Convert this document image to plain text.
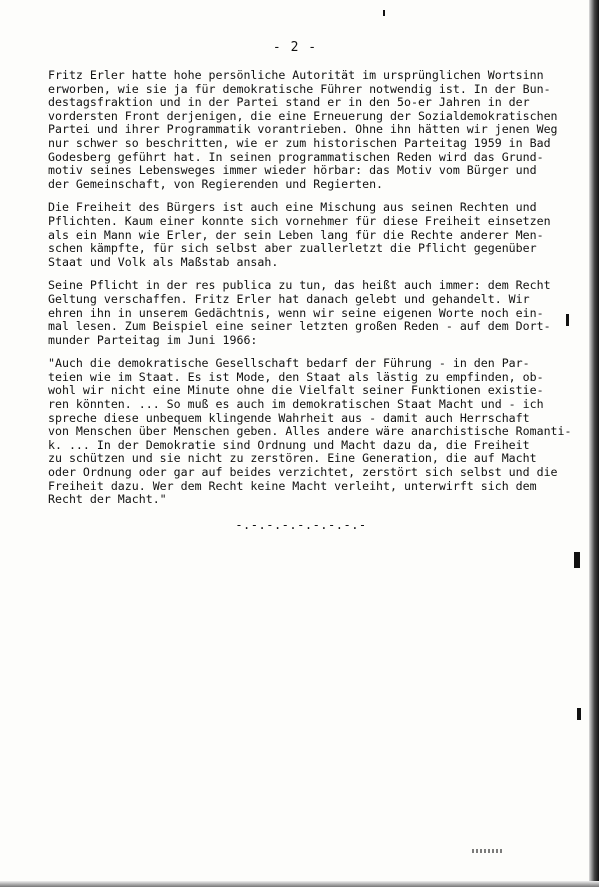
- 2 -

Fritz Erler hatte hohe persönliche Autorität im ursprünglichen Wortsinn
erworben, wie sie ja für demokratische Führer notwendig ist. In der Bun-
destagsfraktion und in der Partei stand er in den 5o-er Jahren in der
vordersten Front derjenigen, die eine Erneuerung der Sozialdemokratischen
Partei und ihrer Programmatik vorantrieben. Ohne ihn hätten wir jenen Weg
nur schwer so beschritten, wie er zum historischen Parteitag 1959 in Bad
Godesberg geführt hat. In seinen programmatischen Reden wird das Grund-
motiv seines Lebensweges immer wieder hörbar: das Motiv vom Bürger und
der Gemeinschaft, von Regierenden und Regierten.

Die Freiheit des Bürgers ist auch eine Mischung aus seinen Rechten und
Pflichten. Kaum einer konnte sich vornehmer für diese Freiheit einsetzen
als ein Mann wie Erler, der sein Leben lang für die Rechte anderer Men-
schen kämpfte, für sich selbst aber zuallerletzt die Pflicht gegenüber
Staat und Volk als Maßstab ansah.

Seine Pflicht in der res publica zu tun, das heißt auch immer: dem Recht
Geltung verschaffen. Fritz Erler hat danach gelebt und gehandelt. Wir
ehren ihn in unserem Gedächtnis, wenn wir seine eigenen Worte noch ein-
mal lesen. Zum Beispiel eine seiner letzten großen Reden - auf dem Dort-
munder Parteitag im Juni 1966:

"Auch die demokratische Gesellschaft bedarf der Führung - in den Par-
teien wie im Staat. Es ist Mode, den Staat als lästig zu empfinden, ob-
wohl wir nicht eine Minute ohne die Vielfalt seiner Funktionen existie-
ren könnten. ... So muß es auch im demokratischen Staat Macht und - ich
spreche diese unbequem klingende Wahrheit aus - damit auch Herrschaft
von Menschen über Menschen geben. Alles andere wäre anarchistische Romanti-
k. ... In der Demokratie sind Ordnung und Macht dazu da, die Freiheit
zu schützen und sie nicht zu zerstören. Eine Generation, die auf Macht
oder Ordnung oder gar auf beides verzichtet, zerstört sich selbst und die
Freiheit dazu. Wer dem Recht keine Macht verleiht, unterwirft sich dem
Recht der Macht."

-.-.-.-.-.-.-.-.-
